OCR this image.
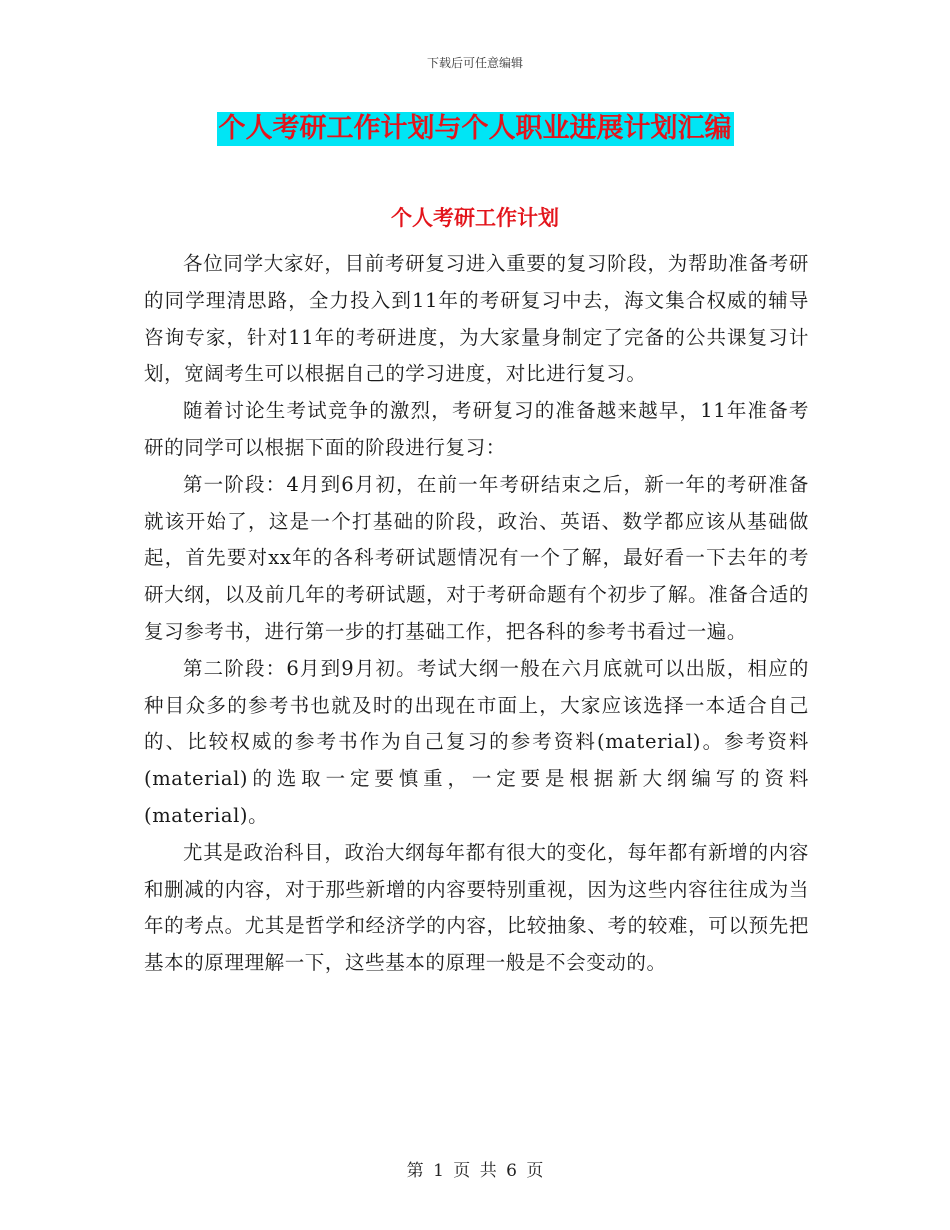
下载后可任意编辑
个人考研工作计划与个人职业进展计划汇编
个人考研工作计划

各位同学大家好，目前考研复习进入重要的复习阶段，为帮助准备考研的同学理清思路，全力投入到11年的考研复习中去，海文集合权威的辅导咨询专家，针对11年的考研进度，为大家量身制定了完备的公共课复习计划，宽阔考生可以根据自己的学习进度，对比进行复习。

随着讨论生考试竞争的激烈，考研复习的准备越来越早，11年准备考研的同学可以根据下面的阶段进行复习：

第一阶段：4月到6月初，在前一年考研结束之后，新一年的考研准备就该开始了，这是一个打基础的阶段，政治、英语、数学都应该从基础做起，首先要对xx年的各科考研试题情况有一个了解，最好看一下去年的考研大纲，以及前几年的考研试题，对于考研命题有个初步了解。准备合适的复习参考书，进行第一步的打基础工作，把各科的参考书看过一遍。

第二阶段：6月到9月初。考试大纲一般在六月底就可以出版，相应的种目众多的参考书也就及时的出现在市面上，大家应该选择一本适合自己的、比较权威的参考书作为自己复习的参考资料(material)。参考资料(material)的选取一定要慎重，一定要是根据新大纲编写的资料(material)。

尤其是政治科目，政治大纲每年都有很大的变化，每年都有新增的内容和删减的内容，对于那些新增的内容要特别重视，因为这些内容往往成为当年的考点。尤其是哲学和经济学的内容，比较抽象、考的较难，可以预先把基本的原理理解一下，这些基本的原理一般是不会变动的。

第 1 页 共 6 页
